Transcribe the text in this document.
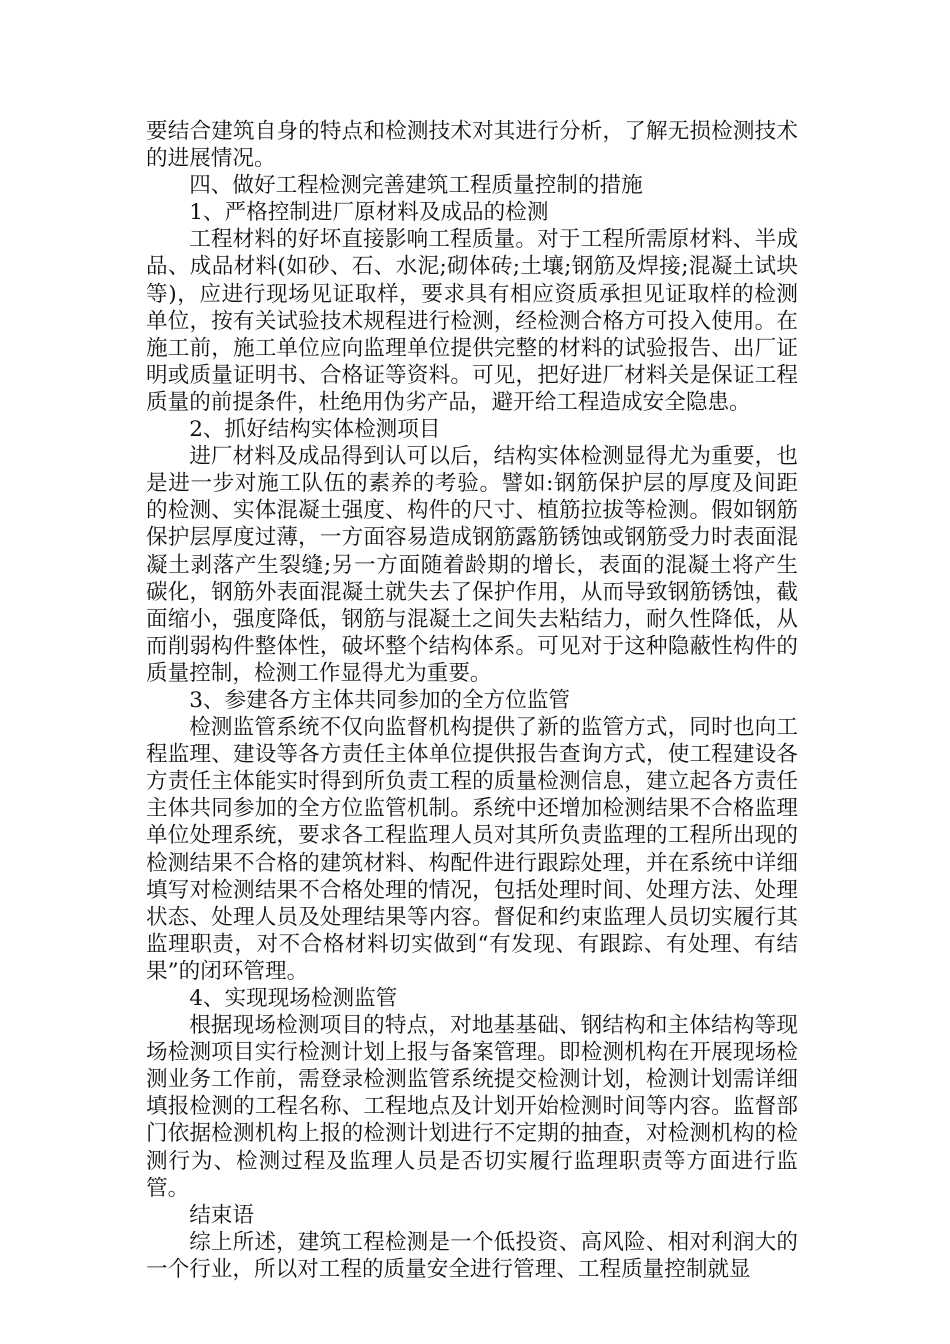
要结合建筑自身的特点和检测技术对其进行分析，了解无损检测技术的进展情况。

四、做好工程检测完善建筑工程质量控制的措施

1、严格控制进厂原材料及成品的检测

工程材料的好坏直接影响工程质量。对于工程所需原材料、半成品、成品材料(如砂、石、水泥;砌体砖;土壤;钢筋及焊接;混凝土试块等)，应进行现场见证取样，要求具有相应资质承担见证取样的检测单位，按有关试验技术规程进行检测，经检测合格方可投入使用。在施工前，施工单位应向监理单位提供完整的材料的试验报告、出厂证明或质量证明书、合格证等资料。可见，把好进厂材料关是保证工程质量的前提条件，杜绝用伪劣产品，避开给工程造成安全隐患。

2、抓好结构实体检测项目

进厂材料及成品得到认可以后，结构实体检测显得尤为重要，也是进一步对施工队伍的素养的考验。譬如:钢筋保护层的厚度及间距的检测、实体混凝土强度、构件的尺寸、植筋拉拔等检测。假如钢筋保护层厚度过薄，一方面容易造成钢筋露筋锈蚀或钢筋受力时表面混凝土剥落产生裂缝;另一方面随着龄期的增长，表面的混凝土将产生碳化，钢筋外表面混凝土就失去了保护作用，从而导致钢筋锈蚀，截面缩小，强度降低，钢筋与混凝土之间失去粘结力，耐久性降低，从而削弱构件整体性，破坏整个结构体系。可见对于这种隐蔽性构件的质量控制，检测工作显得尤为重要。

3、参建各方主体共同参加的全方位监管

检测监管系统不仅向监督机构提供了新的监管方式，同时也向工程监理、建设等各方责任主体单位提供报告查询方式，使工程建设各方责任主体能实时得到所负责工程的质量检测信息，建立起各方责任主体共同参加的全方位监管机制。系统中还增加检测结果不合格监理单位处理系统，要求各工程监理人员对其所负责监理的工程所出现的检测结果不合格的建筑材料、构配件进行跟踪处理，并在系统中详细填写对检测结果不合格处理的情况，包括处理时间、处理方法、处理状态、处理人员及处理结果等内容。督促和约束监理人员切实履行其监理职责，对不合格材料切实做到“有发现、有跟踪、有处理、有结果”的闭环管理。

4、实现现场检测监管

根据现场检测项目的特点，对地基基础、钢结构和主体结构等现场检测项目实行检测计划上报与备案管理。即检测机构在开展现场检测业务工作前，需登录检测监管系统提交检测计划，检测计划需详细填报检测的工程名称、工程地点及计划开始检测时间等内容。监督部门依据检测机构上报的检测计划进行不定期的抽查，对检测机构的检测行为、检测过程及监理人员是否切实履行监理职责等方面进行监管。

结束语

综上所述，建筑工程检测是一个低投资、高风险、相对利润大的一个行业，所以对工程的质量安全进行管理、工程质量控制就显
